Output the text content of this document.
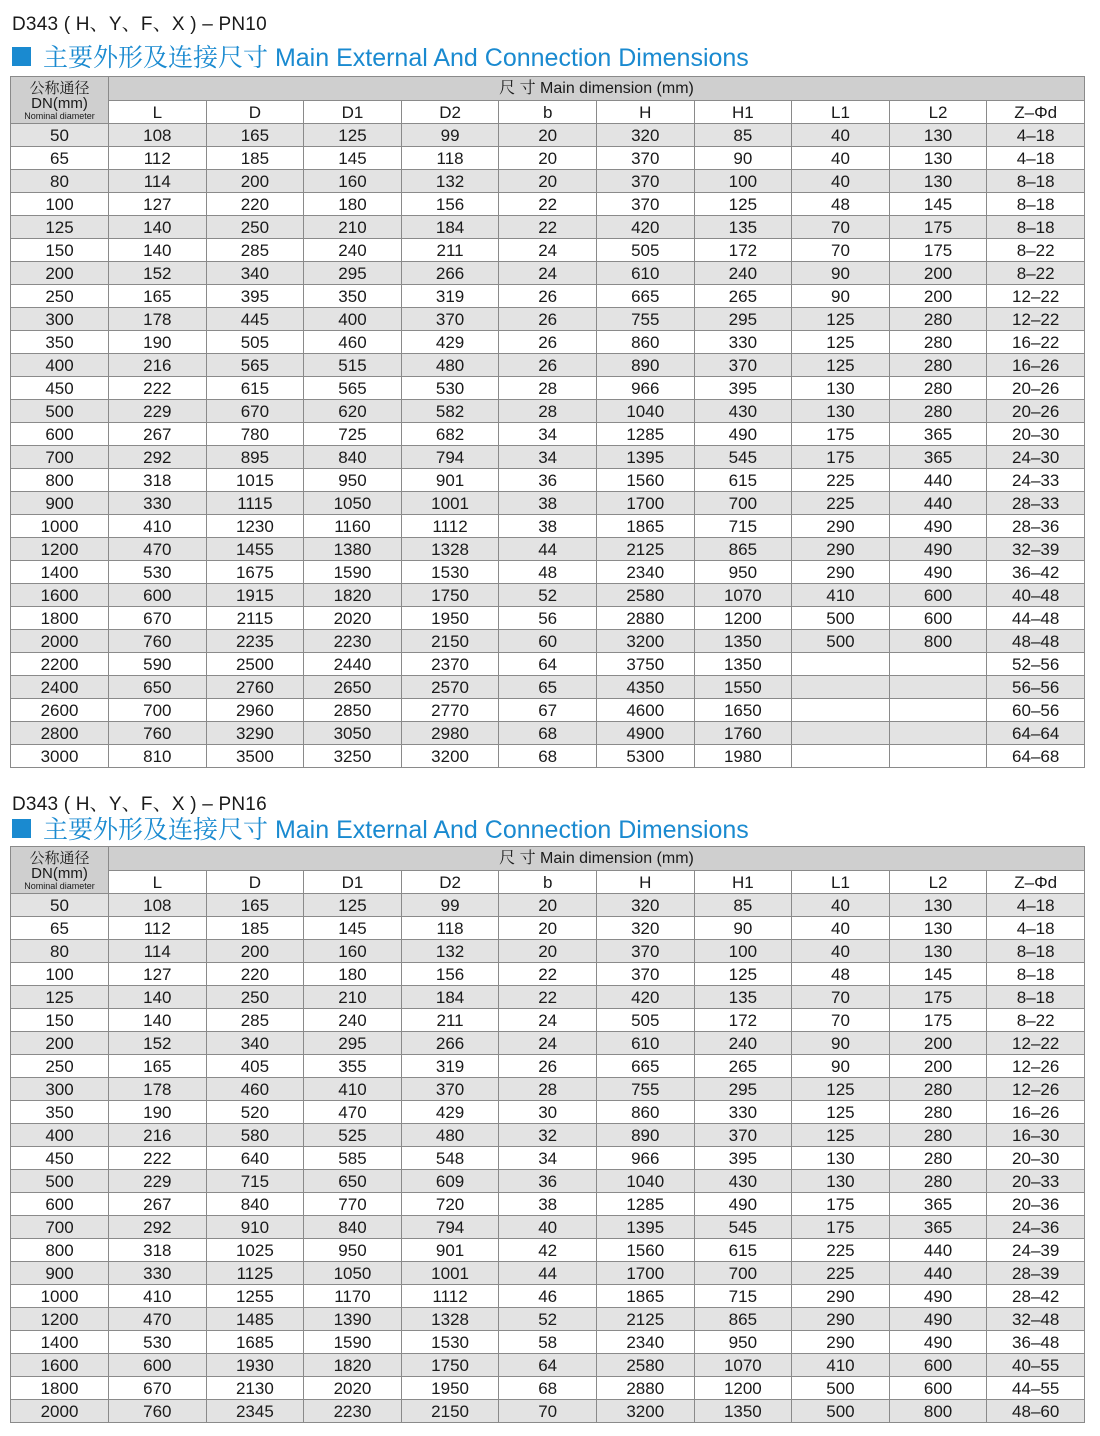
D343 ( H、Y、F、X ) – PN10
主要外形及连接尺寸 Main External And Connection Dimensions
公称通径
DN(mm)
Nominal diameter	尺 寸 Main dimension (mm)									
	L	D	D1	D2	b	H	H1	L1	L2	Z–Φd
50	108	165	125	99	20	320	85	40	130	4–18
65	112	185	145	118	20	370	90	40	130	4–18
80	114	200	160	132	20	370	100	40	130	8–18
100	127	220	180	156	22	370	125	48	145	8–18
125	140	250	210	184	22	420	135	70	175	8–18
150	140	285	240	211	24	505	172	70	175	8–22
200	152	340	295	266	24	610	240	90	200	8–22
250	165	395	350	319	26	665	265	90	200	12–22
300	178	445	400	370	26	755	295	125	280	12–22
350	190	505	460	429	26	860	330	125	280	16–22
400	216	565	515	480	26	890	370	125	280	16–26
450	222	615	565	530	28	966	395	130	280	20–26
500	229	670	620	582	28	1040	430	130	280	20–26
600	267	780	725	682	34	1285	490	175	365	20–30
700	292	895	840	794	34	1395	545	175	365	24–30
800	318	1015	950	901	36	1560	615	225	440	24–33
900	330	1115	1050	1001	38	1700	700	225	440	28–33
1000	410	1230	1160	1112	38	1865	715	290	490	28–36
1200	470	1455	1380	1328	44	2125	865	290	490	32–39
1400	530	1675	1590	1530	48	2340	950	290	490	36–42
1600	600	1915	1820	1750	52	2580	1070	410	600	40–48
1800	670	2115	2020	1950	56	2880	1200	500	600	44–48
2000	760	2235	2230	2150	60	3200	1350	500	800	48–48
2200	590	2500	2440	2370	64	3750	1350			52–56
2400	650	2760	2650	2570	65	4350	1550			56–56
2600	700	2960	2850	2770	67	4600	1650			60–56
2800	760	3290	3050	2980	68	4900	1760			64–64
3000	810	3500	3250	3200	68	5300	1980			64–68
D343 ( H、Y、F、X ) – PN16
主要外形及连接尺寸 Main External And Connection Dimensions
公称通径
DN(mm)
Nominal diameter	尺 寸 Main dimension (mm)									
	L	D	D1	D2	b	H	H1	L1	L2	Z–Φd
50	108	165	125	99	20	320	85	40	130	4–18
65	112	185	145	118	20	320	90	40	130	4–18
80	114	200	160	132	20	370	100	40	130	8–18
100	127	220	180	156	22	370	125	48	145	8–18
125	140	250	210	184	22	420	135	70	175	8–18
150	140	285	240	211	24	505	172	70	175	8–22
200	152	340	295	266	24	610	240	90	200	12–22
250	165	405	355	319	26	665	265	90	200	12–26
300	178	460	410	370	28	755	295	125	280	12–26
350	190	520	470	429	30	860	330	125	280	16–26
400	216	580	525	480	32	890	370	125	280	16–30
450	222	640	585	548	34	966	395	130	280	20–30
500	229	715	650	609	36	1040	430	130	280	20–33
600	267	840	770	720	38	1285	490	175	365	20–36
700	292	910	840	794	40	1395	545	175	365	24–36
800	318	1025	950	901	42	1560	615	225	440	24–39
900	330	1125	1050	1001	44	1700	700	225	440	28–39
1000	410	1255	1170	1112	46	1865	715	290	490	28–42
1200	470	1485	1390	1328	52	2125	865	290	490	32–48
1400	530	1685	1590	1530	58	2340	950	290	490	36–48
1600	600	1930	1820	1750	64	2580	1070	410	600	40–55
1800	670	2130	2020	1950	68	2880	1200	500	600	44–55
2000	760	2345	2230	2150	70	3200	1350	500	800	48–60
